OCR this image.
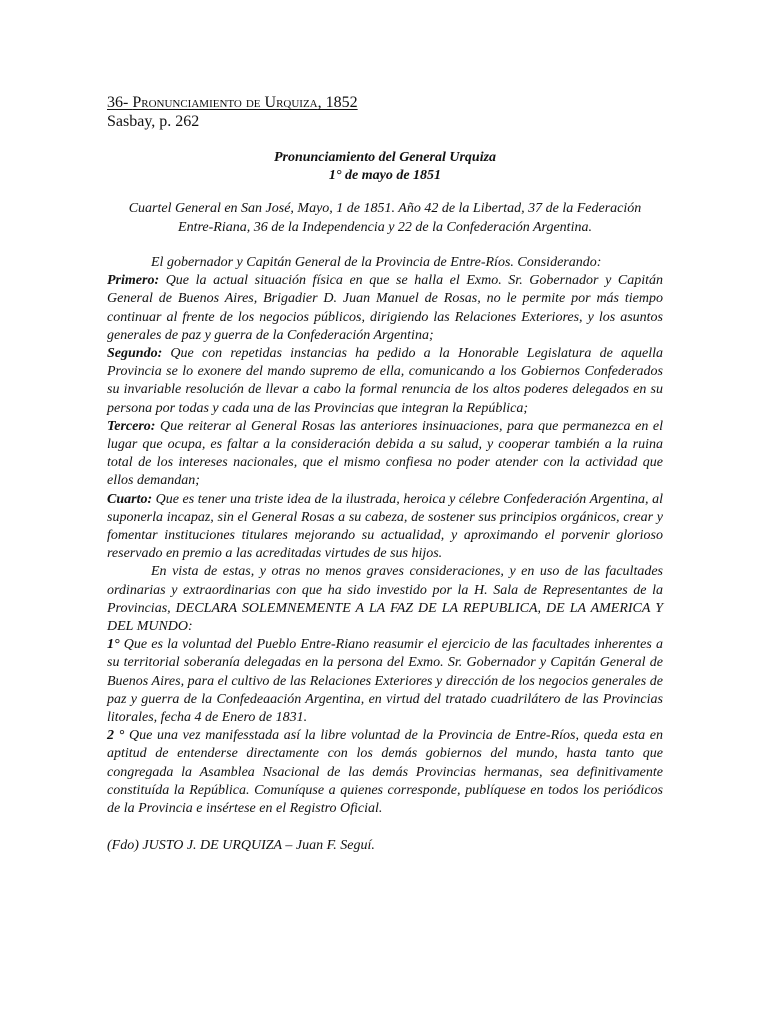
36- Pronunciamiento de Urquiza, 1852
Sasbay, p. 262
Pronunciamiento del General Urquiza
1° de mayo de 1851
Cuartel General en San José, Mayo, 1 de 1851. Año 42 de la Libertad, 37 de la Federación
Entre-Riana, 36 de la Independencia y 22 de la Confederación Argentina.

El gobernador y Capitán General de la Provincia de Entre-Ríos. Considerando:

Primero: Que la actual situación física en que se halla el Exmo. Sr. Gobernador y Capitán General de Buenos Aires, Brigadier D. Juan Manuel de Rosas, no le permite por más tiempo continuar al frente de los negocios públicos, dirigiendo las Relaciones Exteriores, y los asuntos generales de paz y guerra de la Confederación Argentina;

Segundo: Que con repetidas instancias ha pedido a la Honorable Legislatura de aquella Provincia se lo exonere del mando supremo de ella, comunicando a los Gobiernos Confederados su invariable resolución de llevar a cabo la formal renuncia de los altos poderes delegados en su persona por todas y cada una de las Provincias que integran la República;

Tercero: Que reiterar al General Rosas las anteriores insinuaciones, para que permanezca en el lugar que ocupa, es faltar a la consideración debida a su salud, y cooperar también a la ruina total de los intereses nacionales, que el mismo confiesa no poder atender con la actividad que ellos demandan;

Cuarto: Que es tener una triste idea de la ilustrada, heroica y célebre Confederación Argentina, al suponerla incapaz, sin el General Rosas a su cabeza, de sostener sus principios orgánicos, crear y fomentar instituciones titulares mejorando su actualidad, y aproximando el porvenir glorioso reservado en premio a las acreditadas virtudes de sus hijos.

En vista de estas, y otras no menos graves consideraciones, y en uso de las facultades ordinarias y extraordinarias con que ha sido investido por la H. Sala de Representantes de la Provincias, DECLARA SOLEMNEMENTE A LA FAZ DE LA REPUBLICA, DE LA AMERICA Y DEL MUNDO:

1° Que es la voluntad del Pueblo Entre-Riano reasumir el ejercicio de las facultades inherentes a su territorial soberanía delegadas en la persona del Exmo. Sr. Gobernador y Capitán General de Buenos Aires, para el cultivo de las Relaciones Exteriores y dirección de los negocios generales de paz y guerra de la Confedeaación Argentina, en virtud del tratado cuadrilátero de las Provincias litorales, fecha 4 de Enero de 1831.

2 ° Que una vez manifesstada así la libre voluntad de la Provincia de Entre-Ríos, queda esta en aptitud de entenderse directamente con los demás gobiernos del mundo, hasta tanto que congregada la Asamblea Nsacional de las demás Provincias hermanas, sea definitivamente constituída la República. Comuníquse a quienes corresponde, publíquese en todos los periódicos de la Provincia e insértese en el Registro Oficial.

(Fdo) JUSTO J. DE URQUIZA – Juan F. Seguí.
